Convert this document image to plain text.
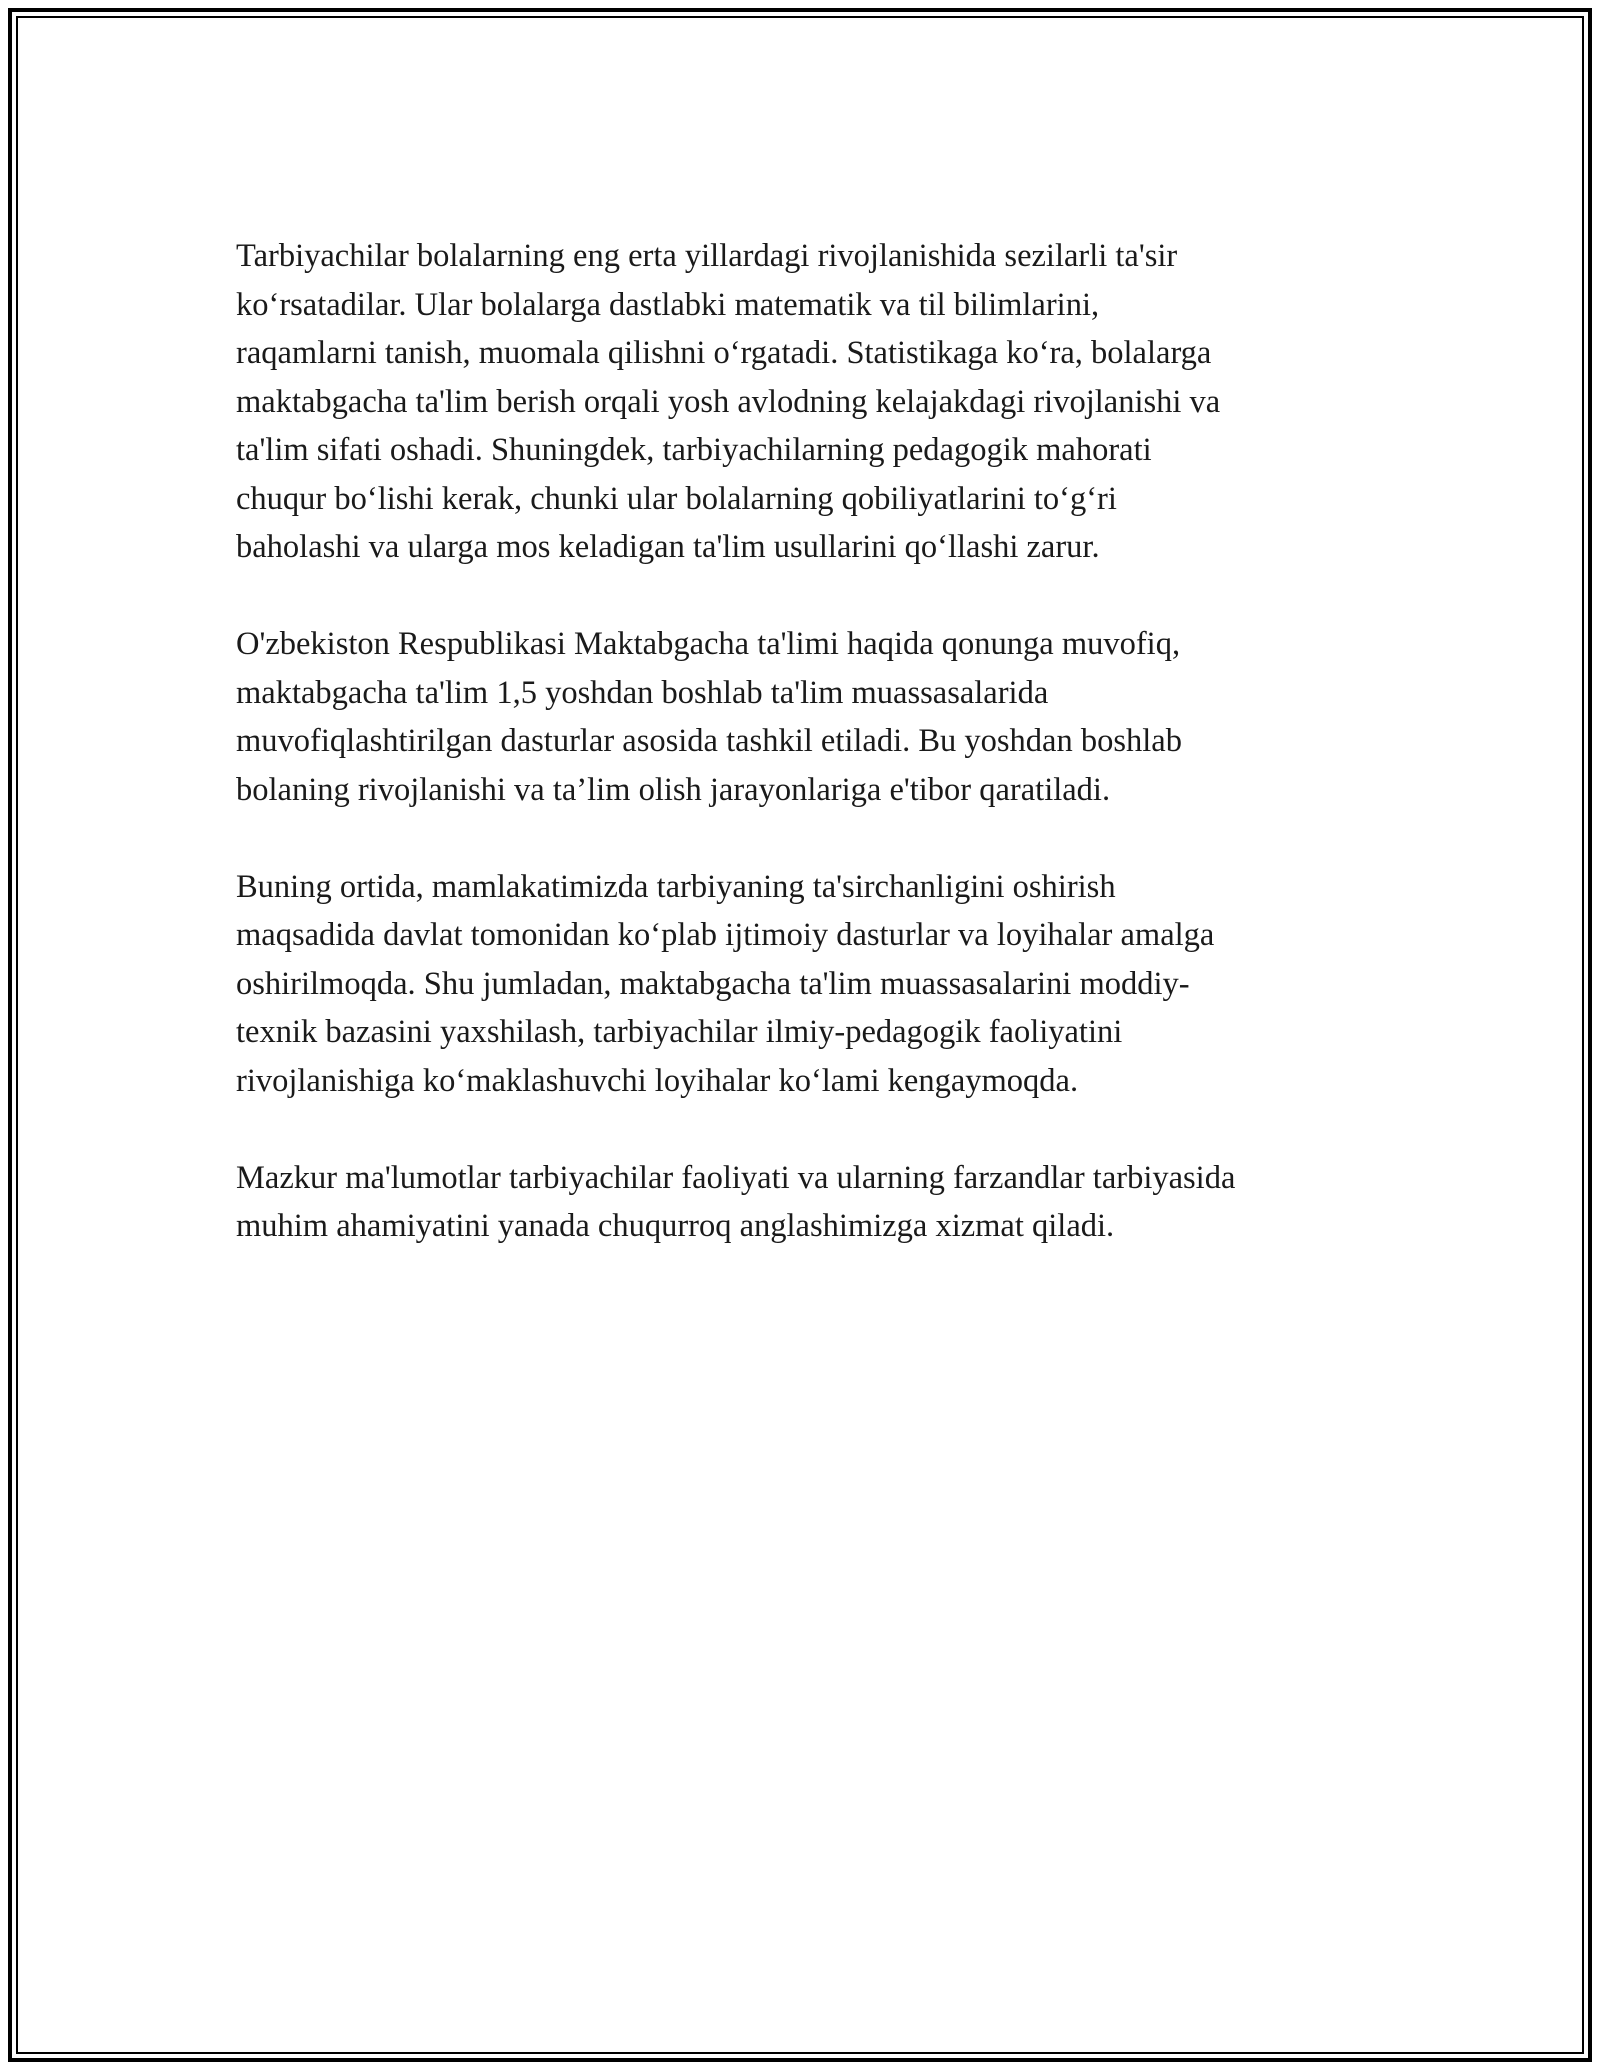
Tarbiyachilar bolalarning eng erta yillardagi rivojlanishida sezilarli ta'sir
ko‘rsatadilar. Ular bolalarga dastlabki matematik va til bilimlarini,
raqamlarni tanish, muomala qilishni o‘rgatadi. Statistikaga ko‘ra, bolalarga
maktabgacha ta'lim berish orqali yosh avlodning kelajakdagi rivojlanishi va
ta'lim sifati oshadi. Shuningdek, tarbiyachilarning pedagogik mahorati
chuqur bo‘lishi kerak, chunki ular bolalarning qobiliyatlarini to‘g‘ri
baholashi va ularga mos keladigan ta'lim usullarini qo‘llashi zarur.

O'zbekiston Respublikasi Maktabgacha ta'limi haqida qonunga muvofiq,
maktabgacha ta'lim 1,5 yoshdan boshlab ta'lim muassasalarida
muvofiqlashtirilgan dasturlar asosida tashkil etiladi. Bu yoshdan boshlab
bolaning rivojlanishi va ta’lim olish jarayonlariga e'tibor qaratiladi.

Buning ortida, mamlakatimizda tarbiyaning ta'sirchanligini oshirish
maqsadida davlat tomonidan ko‘plab ijtimoiy dasturlar va loyihalar amalga
oshirilmoqda. Shu jumladan, maktabgacha ta'lim muassasalarini moddiy-
texnik bazasini yaxshilash, tarbiyachilar ilmiy-pedagogik faoliyatini
rivojlanishiga ko‘maklashuvchi loyihalar ko‘lami kengaymoqda.

Mazkur ma'lumotlar tarbiyachilar faoliyati va ularning farzandlar tarbiyasida
muhim ahamiyatini yanada chuqurroq anglashimizga xizmat qiladi.
